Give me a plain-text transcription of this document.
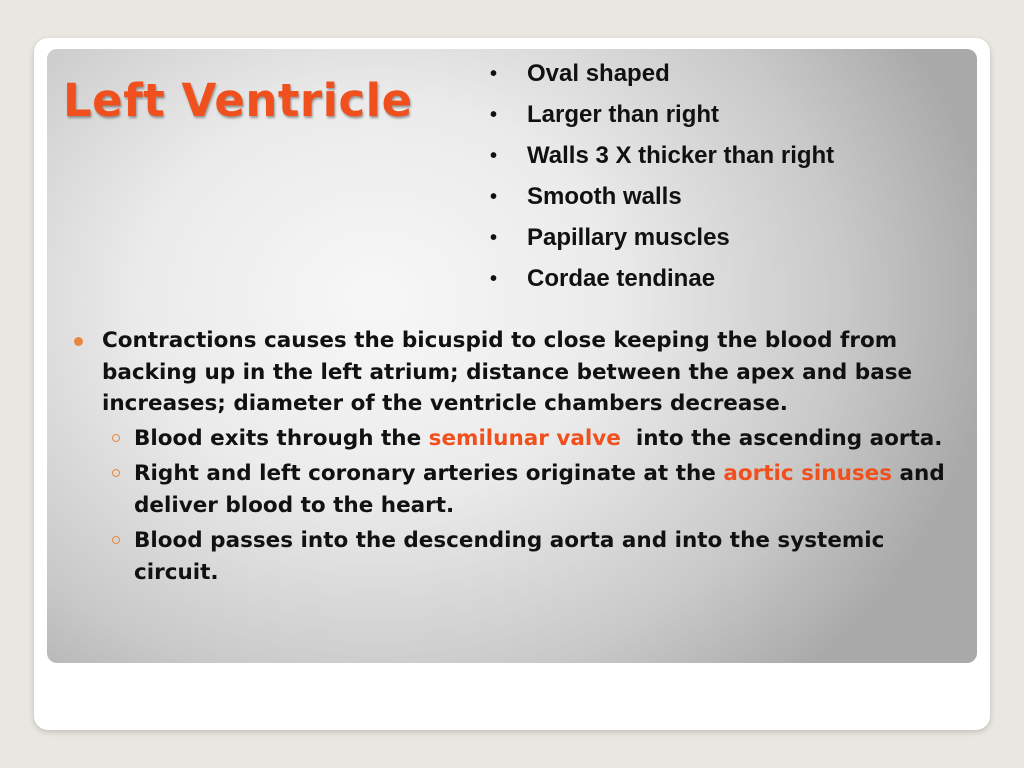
Left Ventricle	• Oval shaped
• Larger than right
• Walls 3 X thicker than right
• Smooth walls
• Papillary muscles
• Cordae tendinae
Contractions causes the bicuspid to close keeping the blood from backing up in the left atrium; distance between the apex and base increases; diameter of the ventricle chambers decrease.
Blood exits through the semilunar valve  into the ascending aorta.
Right and left coronary arteries originate at the aortic sinuses and deliver blood to the heart.
Blood passes into the descending aorta and into the systemic circuit.
